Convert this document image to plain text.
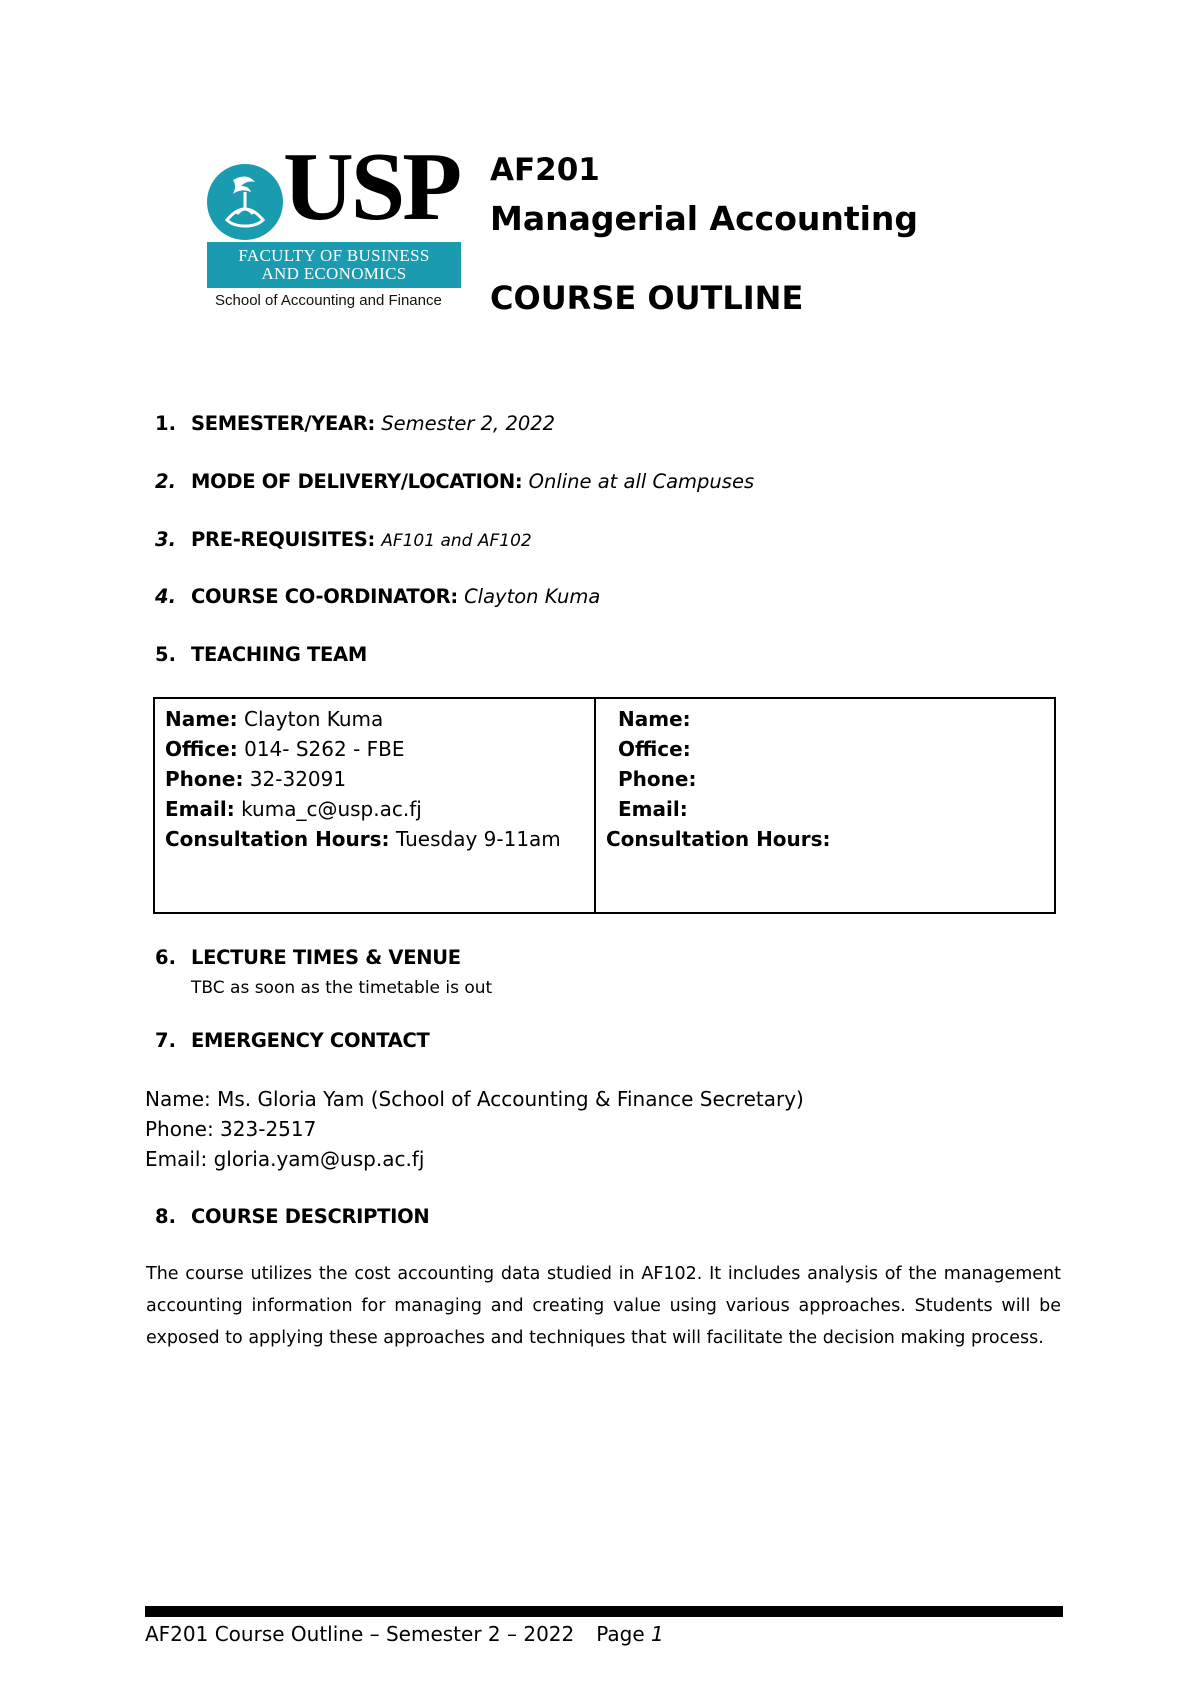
USP
FACULTY OF BUSINESS
AND ECONOMICS
School of Accounting and Finance
AF201
Managerial Accounting
COURSE OUTLINE
1. SEMESTER/YEAR: Semester 2, 2022
2. MODE OF DELIVERY/LOCATION: Online at all Campuses
3. PRE-REQUISITES: AF101 and AF102
4. COURSE CO-ORDINATOR: Clayton Kuma
5. TEACHING TEAM
Name: Clayton Kuma
Office: 014- S262 - FBE
Phone: 32-32091
Email: kuma_c@usp.ac.fj
Consultation Hours: Tuesday 9-11am
Name:
Office:
Phone:
Email:
Consultation Hours:
6. LECTURE TIMES & VENUE
TBC as soon as the timetable is out
7. EMERGENCY CONTACT
Name: Ms. Gloria Yam (School of Accounting & Finance Secretary)
Phone: 323-2517
Email: gloria.yam@usp.ac.fj
8. COURSE DESCRIPTION
The course utilizes the cost accounting data studied in AF102. It includes analysis of the management accounting information for managing and creating value using various approaches. Students will be exposed to applying these approaches and techniques that will facilitate the decision making process.
AF201 Course Outline – Semester 2 – 2022 Page 1
